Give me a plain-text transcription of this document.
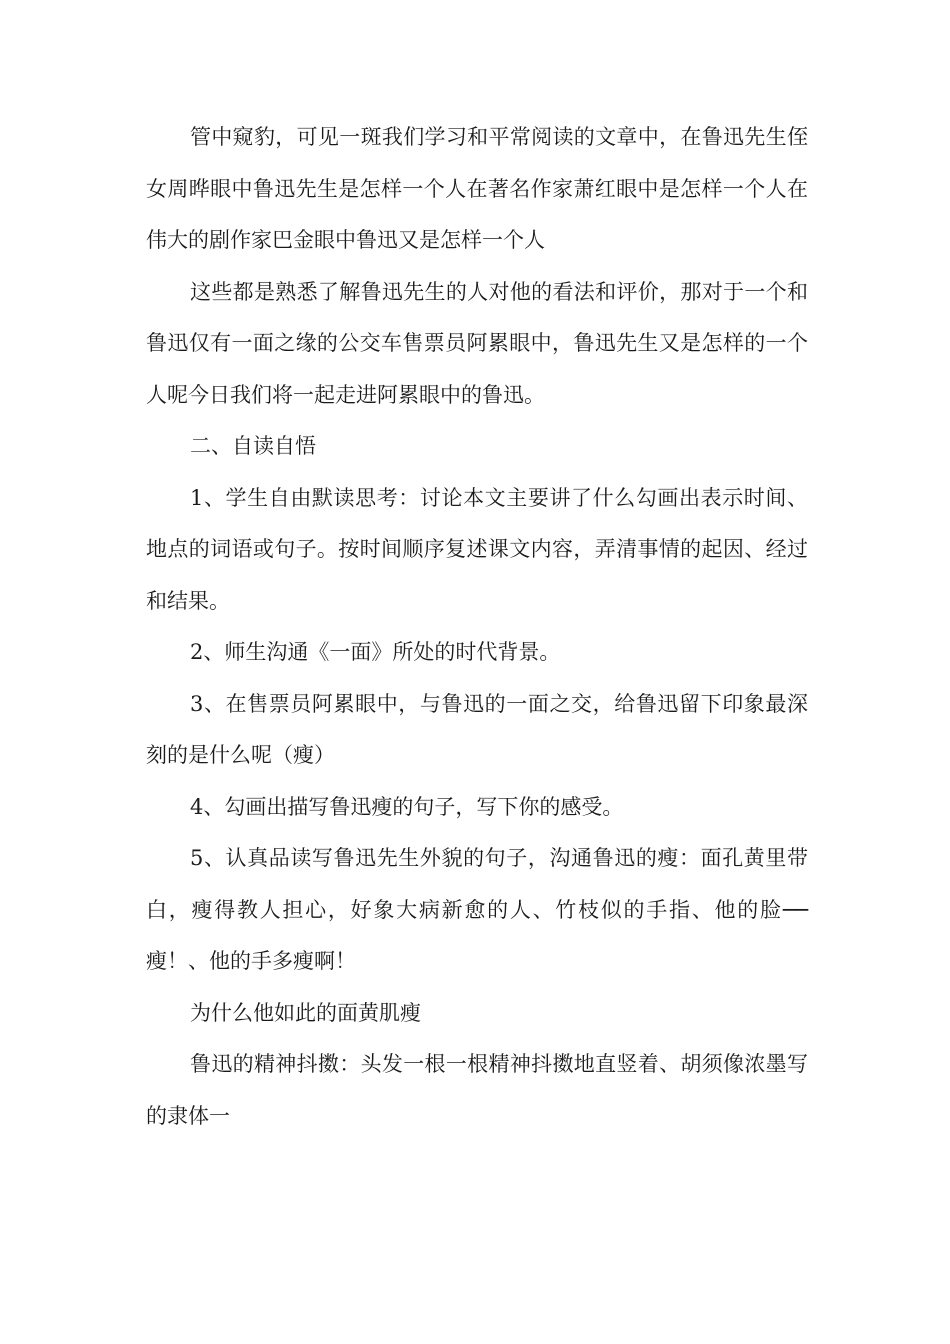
管中窥豹，可见一斑我们学习和平常阅读的文章中，在鲁迅先生侄女周晔眼中鲁迅先生是怎样一个人在著名作家萧红眼中是怎样一个人在伟大的剧作家巴金眼中鲁迅又是怎样一个人

这些都是熟悉了解鲁迅先生的人对他的看法和评价，那对于一个和鲁迅仅有一面之缘的公交车售票员阿累眼中，鲁迅先生又是怎样的一个人呢今日我们将一起走进阿累眼中的鲁迅。

二、自读自悟

1、学生自由默读思考：讨论本文主要讲了什么勾画出表示时间、地点的词语或句子。按时间顺序复述课文内容，弄清事情的起因、经过和结果。

2、师生沟通《一面》所处的时代背景。

3、在售票员阿累眼中，与鲁迅的一面之交，给鲁迅留下印象最深刻的是什么呢（瘦）

4、勾画出描写鲁迅瘦的句子，写下你的感受。

5、认真品读写鲁迅先生外貌的句子，沟通鲁迅的瘦：面孔黄里带白，瘦得教人担心，好象大病新愈的人、竹枝似的手指、他的脸──瘦！、他的手多瘦啊！

为什么他如此的面黄肌瘦

鲁迅的精神抖擞：头发一根一根精神抖擞地直竖着、胡须像浓墨写的隶体一
